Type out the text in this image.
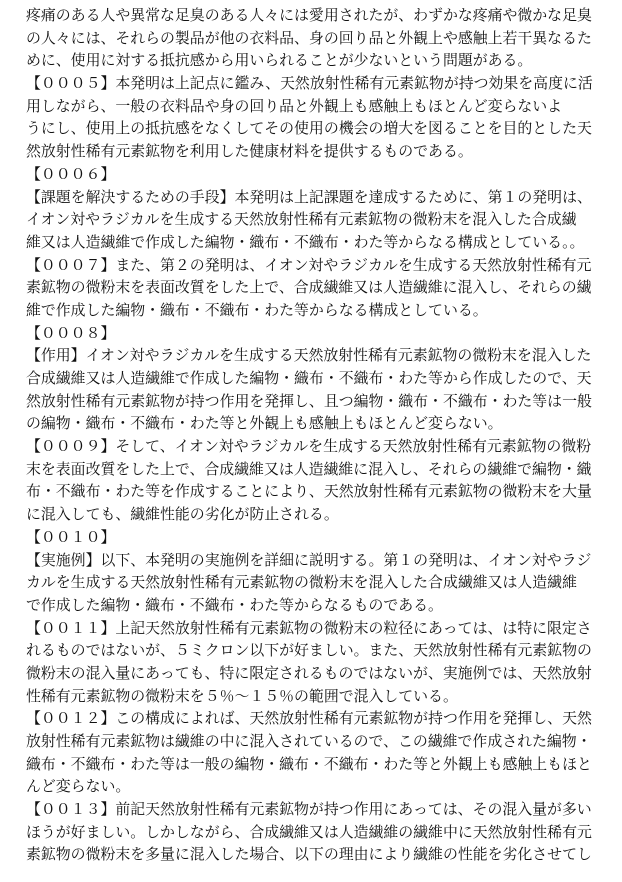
疼痛のある人や異常な足臭のある人々には愛用されたが、わずかな疼痛や微かな足臭
の人々には、それらの製品が他の衣料品、身の回り品と外観上や感触上若干異なるた
めに、使用に対する抵抗感から用いられることが少ないという問題がある。
【０００５】本発明は上記点に鑑み、天然放射性稀有元素鉱物が持つ効果を高度に活
用しながら、一般の衣料品や身の回り品と外観上も感触上もほとんど変らないよ
うにし、使用上の抵抗感をなくしてその使用の機会の増大を図ることを目的とした天
然放射性稀有元素鉱物を利用した健康材料を提供するものである。
【０００６】
【課題を解決するための手段】本発明は上記課題を達成するために、第１の発明は、
イオン対やラジカルを生成する天然放射性稀有元素鉱物の微粉末を混入した合成繊
維又は人造繊維で作成した編物・織布・不織布・わた等からなる構成としている。。
【０００７】また、第２の発明は、イオン対やラジカルを生成する天然放射性稀有元
素鉱物の微粉末を表面改質をした上で、合成繊維又は人造繊維に混入し、それらの繊
維で作成した編物・織布・不織布・わた等からなる構成としている。
【０００８】
【作用】イオン対やラジカルを生成する天然放射性稀有元素鉱物の微粉末を混入した
合成繊維又は人造繊維で作成した編物・織布・不織布・わた等から作成したので、天
然放射性稀有元素鉱物が持つ作用を発揮し、且つ編物・織布・不織布・わた等は一般
の編物・織布・不織布・わた等と外観上も感触上もほとんど変らない。
【０００９】そして、イオン対やラジカルを生成する天然放射性稀有元素鉱物の微粉
末を表面改質をした上で、合成繊維又は人造繊維に混入し、それらの繊維で編物・織
布・不織布・わた等を作成することにより、天然放射性稀有元素鉱物の微粉末を大量
に混入しても、繊維性能の劣化が防止される。
【００１０】
【実施例】以下、本発明の実施例を詳細に説明する。第１の発明は、イオン対やラジ
カルを生成する天然放射性稀有元素鉱物の微粉末を混入した合成繊維又は人造繊維
で作成した編物・織布・不織布・わた等からなるものである。
【００１１】上記天然放射性稀有元素鉱物の微粉末の粒径にあっては、は特に限定さ
れるものではないが、５ミクロン以下が好ましい。また、天然放射性稀有元素鉱物の
微粉末の混入量にあっても、特に限定されるものではないが、実施例では、天然放射
性稀有元素鉱物の微粉末を５％～１５％の範囲で混入している。
【００１２】この構成によれば、天然放射性稀有元素鉱物が持つ作用を発揮し、天然
放射性稀有元素鉱物は繊維の中に混入されているので、この繊維で作成された編物・
織布・不織布・わた等は一般の編物・織布・不織布・わた等と外観上も感触上もほと
んど変らない。
【００１３】前記天然放射性稀有元素鉱物が持つ作用にあっては、その混入量が多い
ほうが好ましい。しかしながら、合成繊維又は人造繊維の繊維中に天然放射性稀有元
素鉱物の微粉末を多量に混入した場合、以下の理由により繊維の性能を劣化させてし
